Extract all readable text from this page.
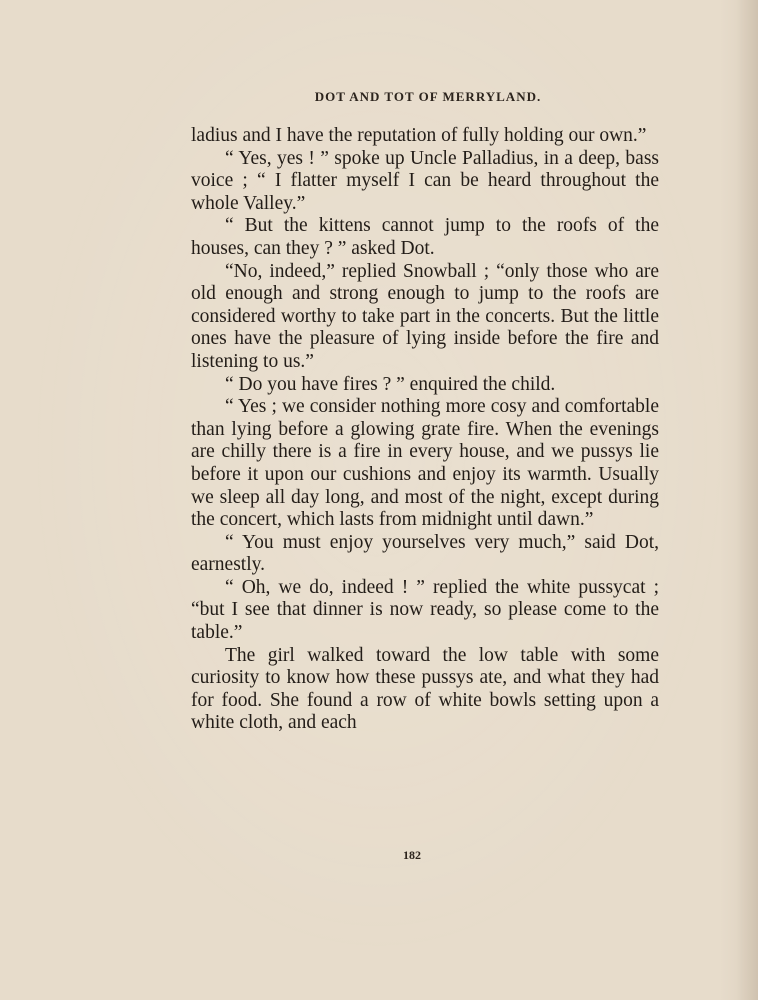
DOT AND TOT OF MERRYLAND.

ladius and I have the reputation of fully holding our own.”

“ Yes, yes ! ” spoke up Uncle Palladius, in a deep, bass voice ; “ I flatter myself I can be heard throughout the whole Valley.”

“ But the kittens cannot jump to the roofs of the houses, can they ? ” asked Dot.

“No, indeed,” replied Snowball ; “only those who are old enough and strong enough to jump to the roofs are considered worthy to take part in the concerts. But the little ones have the pleasure of lying inside before the fire and listening to us.”

“ Do you have fires ? ” enquired the child.

“ Yes ; we consider nothing more cosy and comfortable than lying before a glowing grate fire. When the evenings are chilly there is a fire in every house, and we pussys lie before it upon our cushions and enjoy its warmth. Usually we sleep all day long, and most of the night, except during the concert, which lasts from midnight until dawn.”

“ You must enjoy yourselves very much,” said Dot, earnestly.

“ Oh, we do, indeed ! ” replied the white pussycat ; “but I see that dinner is now ready, so please come to the table.”

The girl walked toward the low table with some curiosity to know how these pussys ate, and what they had for food. She found a row of white bowls setting upon a white cloth, and each

182
